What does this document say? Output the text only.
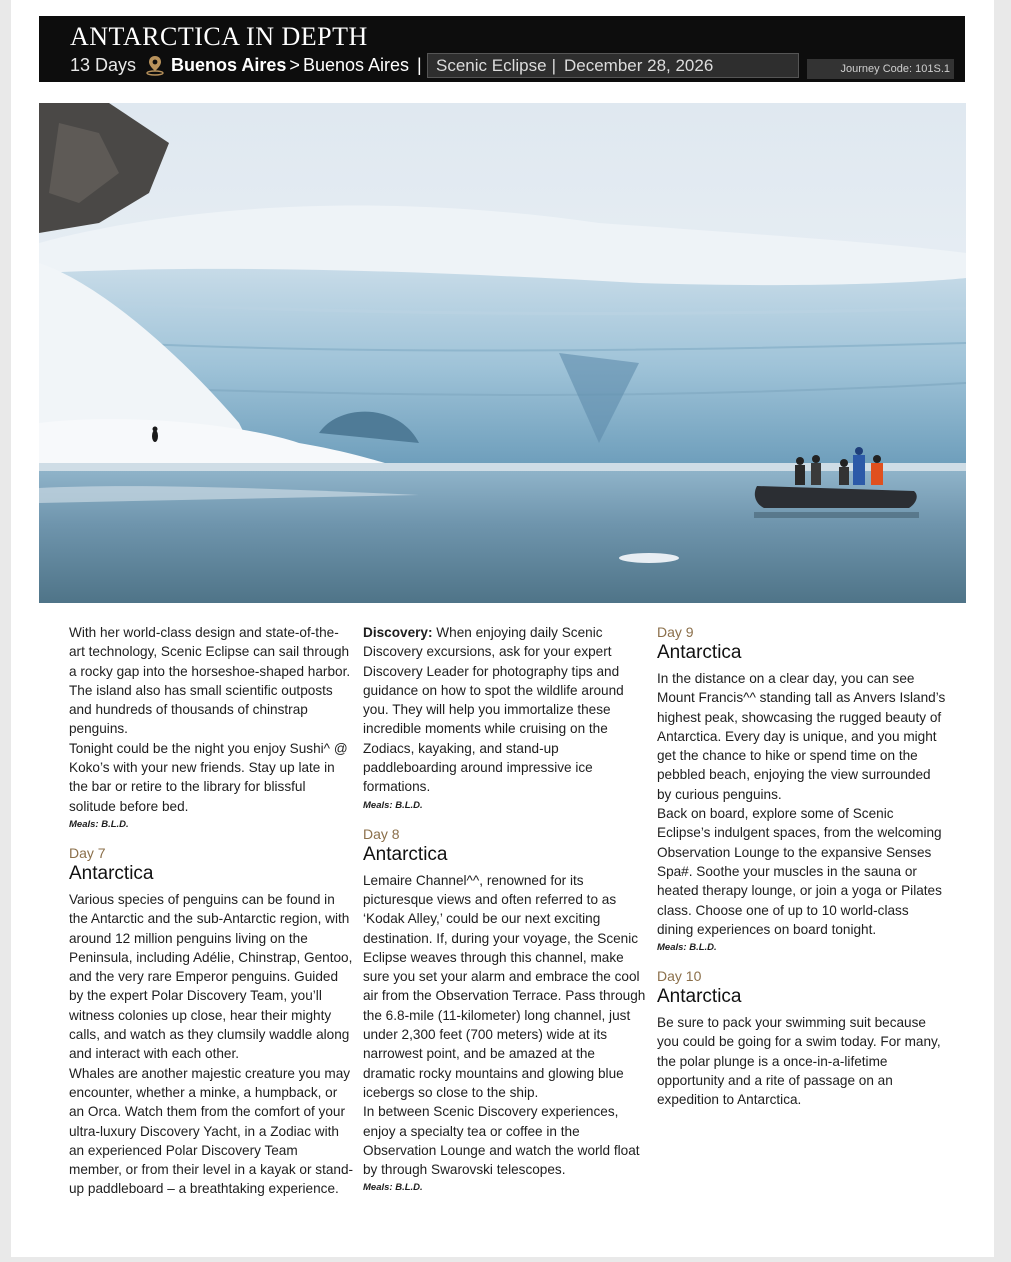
ANTARCTICA IN DEPTH
13 Days Buenos Aires > Buenos Aires | Scenic Eclipse | December 28, 2026	Journey Code: 101S.1

With her world-class design and state-of-the-art technology, Scenic Eclipse can sail through a rocky gap into the horseshoe-shaped harbor. The island also has small scientific outposts and hundreds of thousands of chinstrap penguins.

Tonight could be the night you enjoy Sushi^ @ Koko’s with your new friends. Stay up late in the bar or retire to the library for blissful solitude before bed.

Meals: B.L.D.
Day 7
Antarctica

Various species of penguins can be found in the Antarctic and the sub-Antarctic region, with around 12 million penguins living on the Peninsula, including Adélie, Chinstrap, Gentoo, and the very rare Emperor penguins. Guided by the expert Polar Discovery Team, you’ll witness colonies up close, hear their mighty calls, and watch as they clumsily waddle along and interact with each other.

Whales are another majestic creature you may encounter, whether a minke, a humpback, or an Orca. Watch them from the comfort of your ultra-luxury Discovery Yacht, in a Zodiac with an experienced Polar Discovery Team member, or from their level in a kayak or stand-up paddleboard – a breathtaking experience.

Discovery: When enjoying daily Scenic Discovery excursions, ask for your expert Discovery Leader for photography tips and guidance on how to spot the wildlife around you. They will help you immortalize these incredible moments while cruising on the Zodiacs, kayaking, and stand-up paddleboarding around impressive ice formations.

Meals: B.L.D.
Day 8
Antarctica

Lemaire Channel^^, renowned for its picturesque views and often referred to as ‘Kodak Alley,’ could be our next exciting destination. If, during your voyage, the Scenic Eclipse weaves through this channel, make sure you set your alarm and embrace the cool air from the Observation Terrace. Pass through the 6.8-mile (11-kilometer) long channel, just under 2,300 feet (700 meters) wide at its narrowest point, and be amazed at the dramatic rocky mountains and glowing blue icebergs so close to the ship.

In between Scenic Discovery experiences, enjoy a specialty tea or coffee in the Observation Lounge and watch the world float by through Swarovski telescopes.

Meals: B.L.D.
Day 9
Antarctica

In the distance on a clear day, you can see Mount Francis^^ standing tall as Anvers Island’s highest peak, showcasing the rugged beauty of Antarctica. Every day is unique, and you might get the chance to hike or spend time on the pebbled beach, enjoying the view surrounded by curious penguins.

Back on board, explore some of Scenic Eclipse’s indulgent spaces, from the welcoming Observation Lounge to the expansive Senses Spa#. Soothe your muscles in the sauna or heated therapy lounge, or join a yoga or Pilates class. Choose one of up to 10 world-class dining experiences on board tonight.

Meals: B.L.D.
Day 10
Antarctica

Be sure to pack your swimming suit because you could be going for a swim today. For many, the polar plunge is a once-in-a-lifetime opportunity and a rite of passage on an expedition to Antarctica.
